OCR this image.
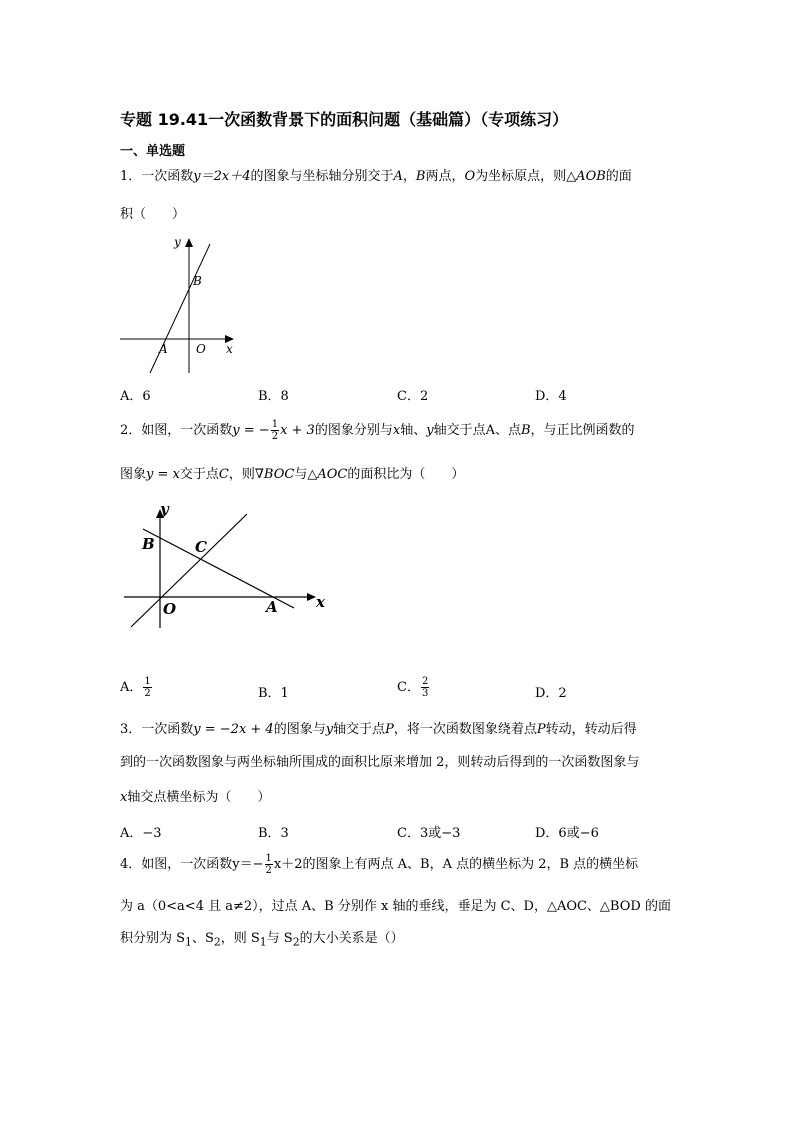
专题 19.41一次函数背景下的面积问题（基础篇）（专项练习）
一、单选题
1．一次函数y＝2x＋4的图象与坐标轴分别交于A，B两点，O为坐标原点，则△AOB的面
积（　　）
y
B
A O x
A．6	B．8	C．2	D．4
2．如图，一次函数y = − $\frac{1}{2}$ x + 3的图象分别与x轴、y轴交于点A、点B，与正比例函数的
图象y = x交于点C，则∇BOC与△AOC的面积比为（　　）
y
B	C
O	A	x
A． $\frac{1}{2}$	B．1	C． $\frac{2}{3}$	D．2
3．一次函数y = −2x + 4的图象与y轴交于点P，将一次函数图象绕着点P转动，转动后得
到的一次函数图象与两坐标轴所围成的面积比原来增加 2，则转动后得到的一次函数图象与
x轴交点横坐标为（　　）
A．−3	B．3	C．3或−3	D．6或−6
4．如图，一次函数$y=- \frac{1}{2} x+2$的图象上有两点 A、B，A 点的横坐标为 2，B 点的横坐标
为 a（0<a<4 且 a≠2），过点 A、B 分别作 x 轴的垂线，垂足为 C、D，△AOC、△BOD 的面
积分别为 $S_1$、$S_2$，则 $S_1$与 $S_2$的大小关系是（）
